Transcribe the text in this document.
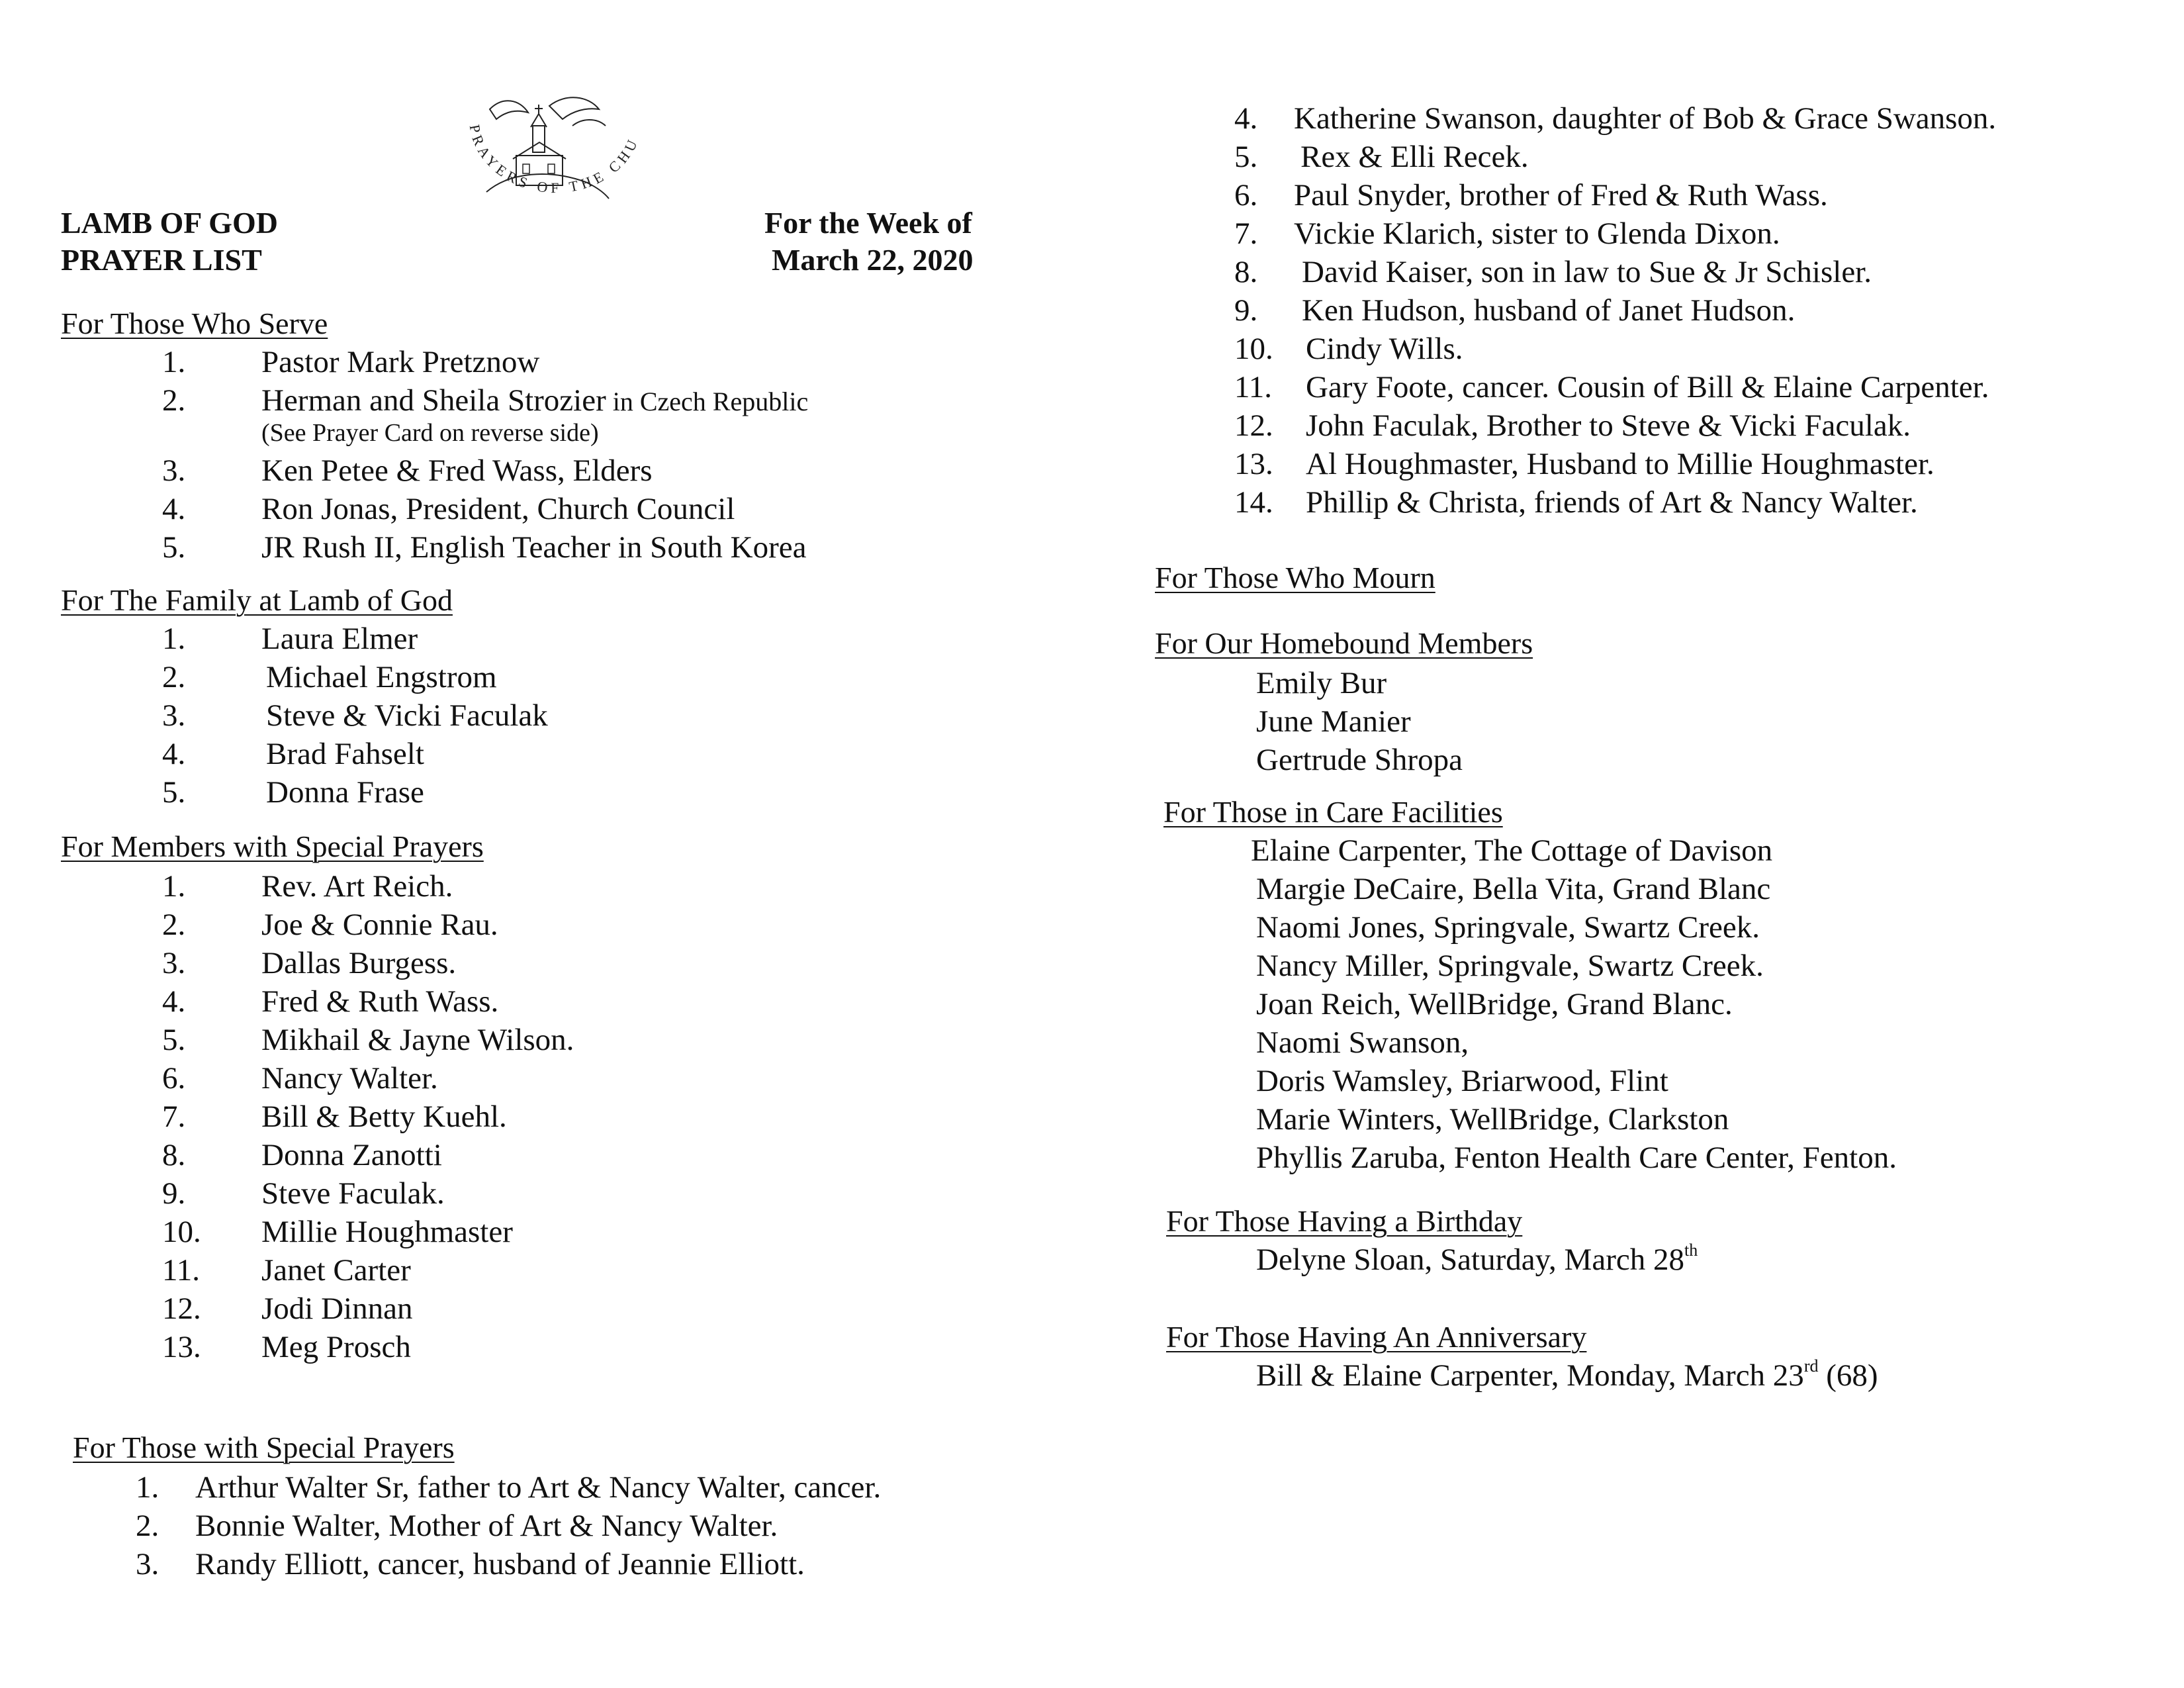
LAMB OF GOD
PRAYER LIST
For the Week of
March 22, 2020
PRAYERS OF THE CHU
For Those Who Serve
1. Pastor Mark Pretznow
2. Herman and Sheila Strozier in Czech Republic
(See Prayer Card on reverse side)
3. Ken Petee & Fred Wass, Elders
4. Ron Jonas, President, Church Council
5. JR Rush II, English Teacher in South Korea
For The Family at Lamb of God
1. Laura Elmer
2.	Michael Engstrom
3.	Steve & Vicki Faculak
4.	Brad Fahselt
5.	Donna Frase
For Members with Special Prayers
1. Rev. Art Reich.
2. Joe & Connie Rau.
3. Dallas Burgess.
4. Fred & Ruth Wass.
5. Mikhail & Jayne Wilson.
6. Nancy Walter.
7. Bill & Betty Kuehl.
8. Donna Zanotti
9. Steve Faculak.
10. Millie Houghmaster
11. Janet Carter
12. Jodi Dinnan
13. Meg Prosch
For Those with Special Prayers
1. Arthur Walter Sr, father to Art & Nancy Walter, cancer.
2. Bonnie Walter, Mother of Art & Nancy Walter.
3. Randy Elliott, cancer, husband of Jeannie Elliott.
4. Katherine Swanson, daughter of Bob & Grace Swanson.
5. Rex & Elli Recek.
6. Paul Snyder, brother of Fred & Ruth Wass.
7. Vickie Klarich, sister to Glenda Dixon.
8. David Kaiser, son in law to Sue & Jr Schisler.
9. Ken Hudson, husband of Janet Hudson.
10. Cindy Wills.
11. Gary Foote, cancer. Cousin of Bill & Elaine Carpenter.
12. John Faculak, Brother to Steve & Vicki Faculak.
13. Al Houghmaster, Husband to Millie Houghmaster.
14. Phillip & Christa, friends of Art & Nancy Walter.
For Those Who Mourn
For Our Homebound Members
Emily Bur
June Manier
Gertrude Shropa
For Those in Care Facilities
Elaine Carpenter, The Cottage of Davison
Margie DeCaire, Bella Vita, Grand Blanc
Naomi Jones, Springvale, Swartz Creek.
Nancy Miller, Springvale, Swartz Creek.
Joan Reich, WellBridge, Grand Blanc.
Naomi Swanson,
Doris Wamsley, Briarwood, Flint
Marie Winters, WellBridge, Clarkston
Phyllis Zaruba, Fenton Health Care Center, Fenton.
For Those Having a Birthday
Delyne Sloan, Saturday, March 28th
For Those Having An Anniversary
Bill & Elaine Carpenter, Monday, March 23rd (68)
